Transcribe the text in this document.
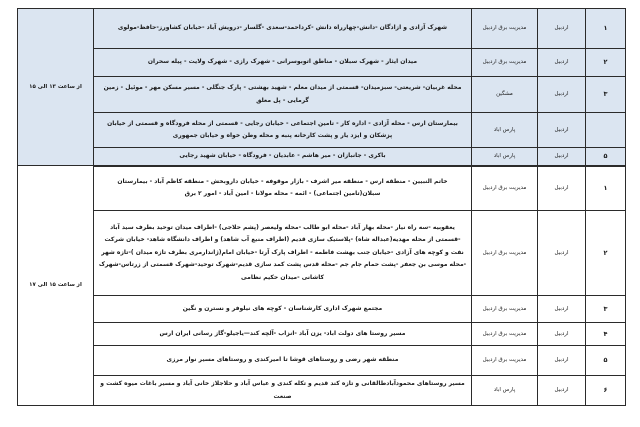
۱	اردبیل	مدیریت برق اردبیل	شهرک آزادی و ازادگان -دانش-چهارراه دانش -کرداحمد-سعدی -گلسار -درویش آباد -خیابان کشاورز-حافظ-مولوی	از ساعت ۱۳ الی ۱۵
۲	اردبیل	مدیریت برق اردبیل	میدان ایثار - شهرک سبلان - مناطق اتوبوسرانی - شهرک رازی - شهرک ولایت - پیله سحران	
۳	اردبیل	مشگین	محله غربیان- شریعتی- سبزمیدان- قسمتی از میدان معلم - شهید بهشتی - پارک جنگلی - مسیر مسکن مهر - موئیل - زمین گرمایی - پل معلق	
	اردبیل	پارس اباد	بیمارستان ارس - محله آزادی - اداره کار - تامین اجتماعی - خیابان رجایی - قسمتی از محله فرودگاه و قسمتی از خیابان پزشکان و ایزد یار و پشت کارخانه پنبه و محله وطن خواه و خیابان جمهوری	
۵	اردبیل	پارس اباد	باکری - جانبازان - میر هاشم - عابدیان - فرودگاه - خیابان شهید رجایی	
۱	اردبیل	مدیریت برق اردبیل	خاتم النبیین - منطقه ارس - منطقه میر اشرف - بازار موقوفه - خیابان داروبخش - منطقه کاظم آباد - بیمارستان سبلان(تامین اجتماعی) - ائمه - محله مولانا - امین آباد - امور ۲ برق	از ساعت ۱۵ الی ۱۷
۲	اردبیل	مدیریت برق اردبیل	یعقوبیه -سه راه نیار -محله بهار آباد -محله ابو طالب -محله ولیعصر (پشم حلاجی) -اطراف میدان توحید بطرف سید آباد -قسمتی از محله مهدیه(عبداله شاه) -پلاستیک سازی قدیم (اطراف منبع آب شاهد) و اطراف دانشگاه شاهد- خیابان شرکت نفت و کوچه های آزادی -خیابان جنب بهشت فاطمه - اطراف پارک آرتا -خیابان امام(ژاندارمری بطرف تازه میدان )-تازه شهر -محله موسی بن جعفر -پشت حمام جام جم -محله قدس پشت کمد سازی قدیم-شهرک توحید-شهرک قسمتی از زرتاس-شهرک کاشانی -میدان حکیم نظامی	
۳	اردبیل	مدیریت برق اردبیل	مجتمع شهرک اداری کارشناسان - کوچه های نیلوفر و نسترن و نگین	
۴	اردبیل	مدیریت برق اردبیل	مسیر روستا های دولت اباد- یزن آباد -انزاب -آلچه کند—یاجیلو-گاز رسانی ایران ارس	
۵	اردبیل	مدیریت برق اردبیل	منطقه شهر رضی و روستاهای قوشا تا امیرکندی و روستاهای مسیر نوار مرزی	
۶	اردبیل	پارس اباد	مسیر روستاهای محمودآبادطالقانی و تازه کند قدیم و تکله کندی و عباس آباد و حلاجلاز خانی آباد و مسیر باغات میوه کشت و صنعت	
